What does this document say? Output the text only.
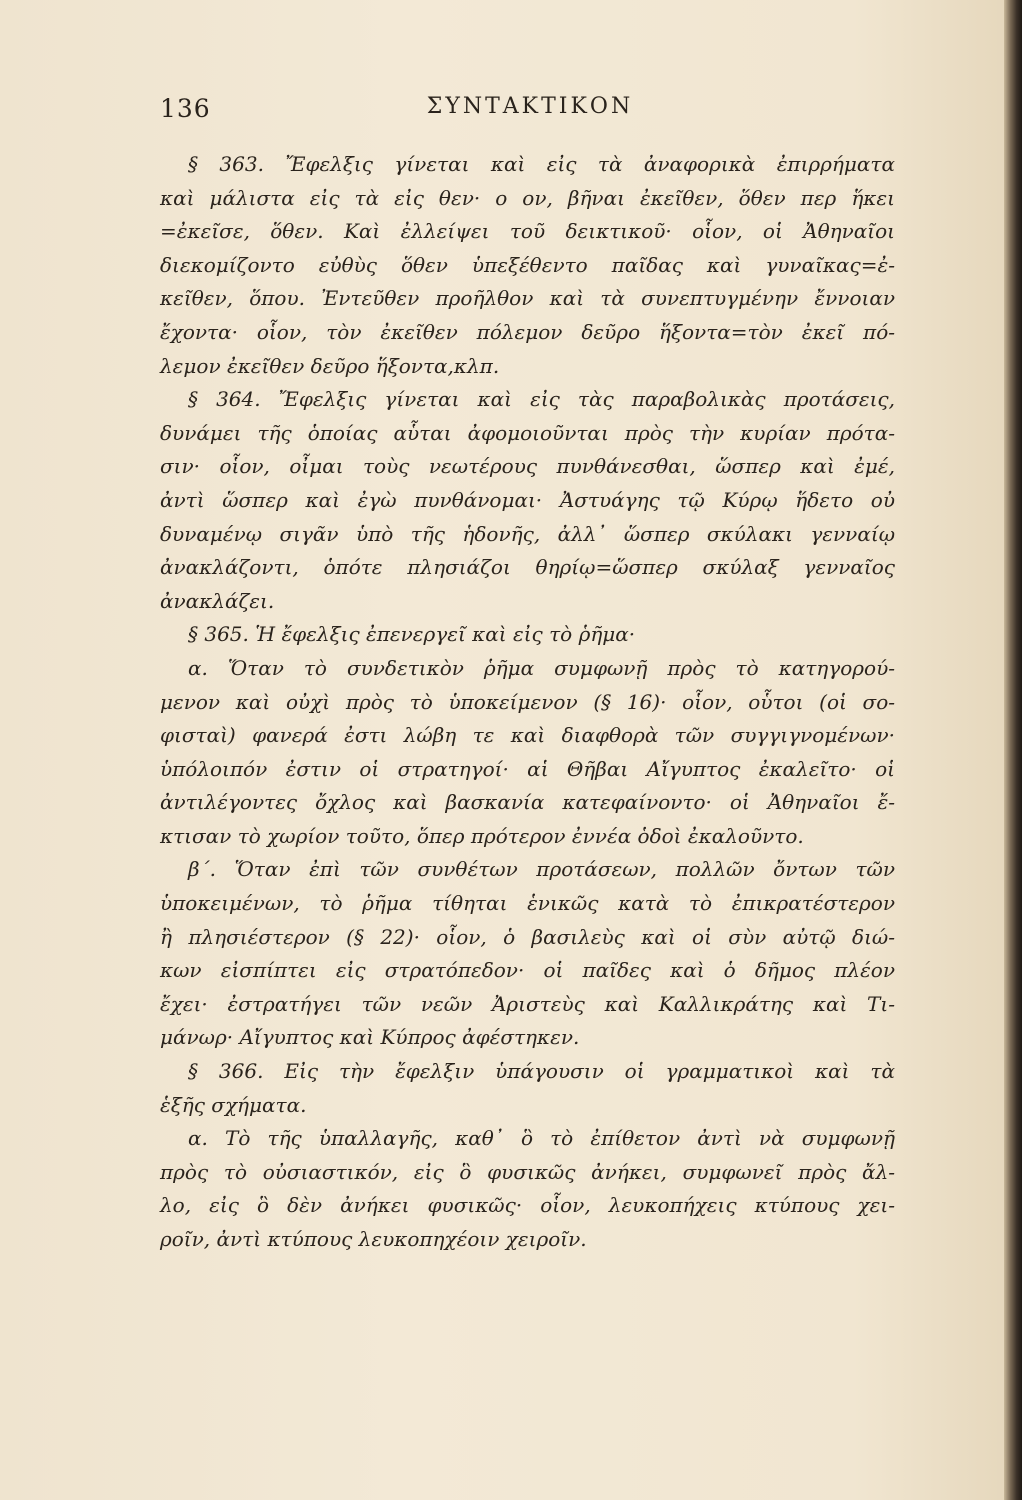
136	ΣΥΝΤΑΚΤΙΚΟΝ
§ 363. Ἔφελξις γίνεται καὶ εἰς τὰ ἀναφορικὰ ἐπιρρήματα
καὶ μάλιστα εἰς τὰ εἰς θεν· ο ον, βῆναι ἐκεῖθεν, ὅθεν περ ἥκει
=ἐκεῖσε, ὅθεν. Καὶ ἐλλείψει τοῦ δεικτικοῦ· οἷον, οἱ Ἀθηναῖοι
διεκομίζοντο εὐθὺς ὅθεν ὑπεξέθεντο παῖδας καὶ γυναῖκας=ἐ-
κεῖθεν, ὅπου. Ἐντεῦθεν προῆλθον καὶ τὰ συνεπτυγμένην ἔννοιαν
ἔχοντα· οἷον, τὸν ἐκεῖθεν πόλεμον δεῦρο ἥξοντα=τὸν ἐκεῖ πό-
λεμον ἐκεῖθεν δεῦρο ἥξοντα,κλπ.
§ 364. Ἔφελξις γίνεται καὶ εἰς τὰς παραβολικὰς προτάσεις,
δυνάμει τῆς ὁποίας αὗται ἀφομοιοῦνται πρὸς τὴν κυρίαν πρότα-
σιν· οἷον, οἶμαι τοὺς νεωτέρους πυνθάνεσθαι, ὥσπερ καὶ ἐμέ,
ἀντὶ ὥσπερ καὶ ἐγὼ πυνθάνομαι· Ἀστυάγης τῷ Κύρῳ ἥδετο οὐ
δυναμένῳ σιγᾶν ὑπὸ τῆς ἡδονῆς, ἀλλ᾽ ὥσπερ σκύλακι γενναίῳ
ἀνακλάζοντι, ὁπότε πλησιάζοι θηρίῳ=ὥσπερ σκύλαξ γενναῖος
ἀνακλάζει.
§ 365. Ἡ ἔφελξις ἐπενεργεῖ καὶ εἰς τὸ ῥῆμα·
α. Ὅταν τὸ συνδετικὸν ῥῆμα συμφωνῇ πρὸς τὸ κατηγορού-
μενον καὶ οὐχὶ πρὸς τὸ ὑποκείμενον (§ 16)· οἷον, οὗτοι (οἱ σο-
φισταὶ) φανερά ἐστι λώβη τε καὶ διαφθορὰ τῶν συγγιγνομένων·
ὑπόλοιπόν ἐστιν οἱ στρατηγοί· αἱ Θῆβαι Αἴγυπτος ἐκαλεῖτο· οἱ
ἀντιλέγοντες ὄχλος καὶ βασκανία κατεφαίνοντο· οἱ Ἀθηναῖοι ἔ-
κτισαν τὸ χωρίον τοῦτο, ὅπερ πρότερον ἐννέα ὁδοὶ ἐκαλοῦντο.
β΄. Ὅταν ἐπὶ τῶν συνθέτων προτάσεων, πολλῶν ὄντων τῶν
ὑποκειμένων, τὸ ῥῆμα τίθηται ἑνικῶς κατὰ τὸ ἐπικρατέστερον
ἢ πλησιέστερον (§ 22)· οἷον, ὁ βασιλεὺς καὶ οἱ σὺν αὐτῷ διώ-
κων εἰσπίπτει εἰς στρατόπεδον· οἱ παῖδες καὶ ὁ δῆμος πλέον
ἔχει· ἐστρατήγει τῶν νεῶν Ἀριστεὺς καὶ Καλλικράτης καὶ Τι-
μάνωρ· Αἴγυπτος καὶ Κύπρος ἀφέστηκεν.
§ 366. Εἰς τὴν ἔφελξιν ὑπάγουσιν οἱ γραμματικοὶ καὶ τὰ
ἑξῆς σχήματα.
α. Τὸ τῆς ὑπαλλαγῆς, καθ᾽ ὃ τὸ ἐπίθετον ἀντὶ νὰ συμφωνῇ
πρὸς τὸ οὐσιαστικόν, εἰς ὃ φυσικῶς ἀνήκει, συμφωνεῖ πρὸς ἄλ-
λο, εἰς ὃ δὲν ἀνήκει φυσικῶς· οἷον, λευκοπήχεις κτύπους χει-
ροῖν, ἀντὶ κτύπους λευκοπηχέοιν χειροῖν.
